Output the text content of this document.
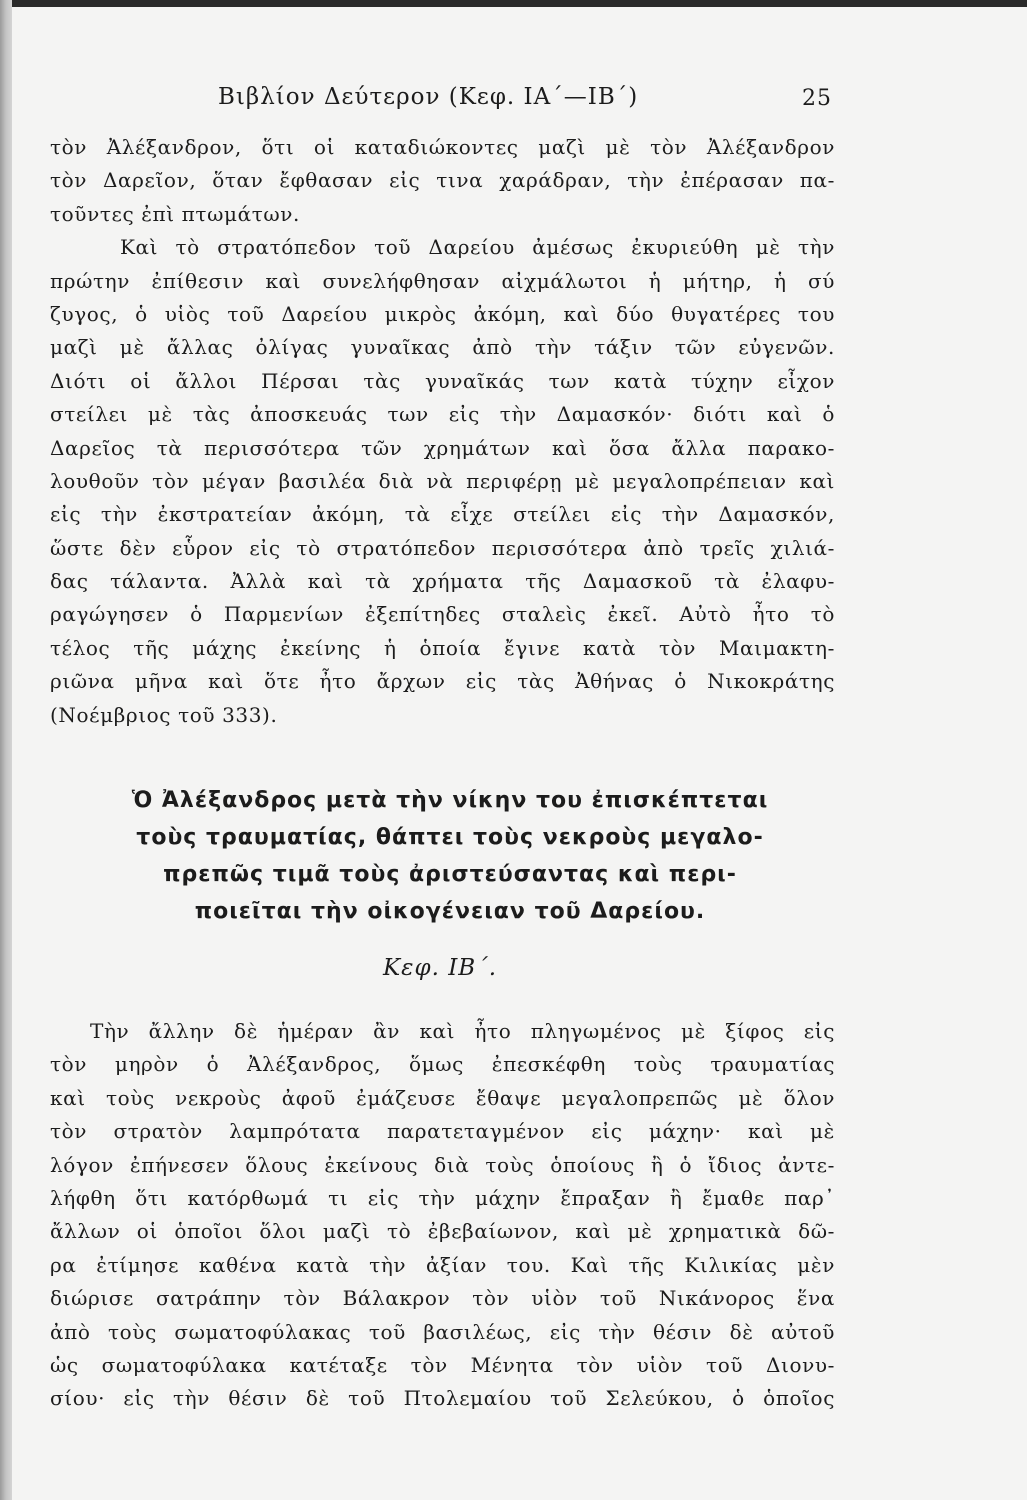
Βιβλίον Δεύτερον (Κεφ. ΙΑ΄—ΙΒ΄)	25
τὸν Ἀλέξανδρον, ὅτι οἱ καταδιώκοντες μαζὶ μὲ τὸν Ἀλέξανδρον
τὸν Δαρεῖον, ὅταν ἔφθασαν εἰς τινα χαράδραν, τὴν ἐπέρασαν πα-
τοῦντες ἐπὶ πτωμάτων.
Καὶ τὸ στρατόπεδον τοῦ Δαρείου ἀμέσως ἐκυριεύθη μὲ τὴν
πρώτην ἐπίθεσιν καὶ συνελήφθησαν αἰχμάλωτοι ἡ μήτηρ, ἡ σύ
ζυγος, ὁ υἱὸς τοῦ Δαρείου μικρὸς ἀκόμη, καὶ δύο θυγατέρες του
μαζὶ μὲ ἄλλας ὀλίγας γυναῖκας ἀπὸ τὴν τάξιν τῶν εὐγενῶν.
Διότι οἱ ἄλλοι Πέρσαι τὰς γυναῖκάς των κατὰ τύχην εἶχον
στείλει μὲ τὰς ἀποσκευάς των εἰς τὴν Δαμασκόν· διότι καὶ ὁ
Δαρεῖος τὰ περισσότερα τῶν χρημάτων καὶ ὅσα ἄλλα παρακο-
λουθοῦν τὸν μέγαν βασιλέα διὰ νὰ περιφέρῃ μὲ μεγαλοπρέπειαν καὶ
εἰς τὴν ἐκστρατείαν ἀκόμη, τὰ εἶχε στείλει εἰς τὴν Δαμασκόν,
ὥστε δὲν εὗρον εἰς τὸ στρατόπεδον περισσότερα ἀπὸ τρεῖς χιλιά-
δας τάλαντα. Ἀλλὰ καὶ τὰ χρήματα τῆς Δαμασκοῦ τὰ ἐλαφυ-
ραγώγησεν ὁ Παρμενίων ἐξεπίτηδες σταλεὶς ἐκεῖ. Αὐτὸ ἦτο τὸ
τέλος τῆς μάχης ἐκείνης ἡ ὁποία ἔγινε κατὰ τὸν Μαιμακτη-
ριῶνα μῆνα καὶ ὅτε ἦτο ἄρχων εἰς τὰς Ἀθήνας ὁ Νικοκράτης
(Νοέμβριος τοῦ 333).
Ὁ Ἀλέξανδρος μετὰ τὴν νίκην του ἐπισκέπτεται
τοὺς τραυματίας, θάπτει τοὺς νεκροὺς μεγαλο-
πρεπῶς τιμᾶ τοὺς ἀριστεύσαντας καὶ περι-
ποιεῖται τὴν οἰκογένειαν τοῦ Δαρείου.
Κεφ. ΙΒ΄.
Τὴν ἄλλην δὲ ἡμέραν ἂν καὶ ἦτο πληγωμένος μὲ ξίφος εἰς
τὸν μηρὸν ὁ Ἀλέξανδρος, ὅμως ἐπεσκέφθη τοὺς τραυματίας
καὶ τοὺς νεκροὺς ἀφοῦ ἐμάζευσε ἔθαψε μεγαλοπρεπῶς μὲ ὅλον
τὸν στρατὸν λαμπρότατα παρατεταγμένον εἰς μάχην· καὶ μὲ
λόγον ἐπήνεσεν ὅλους ἐκείνους διὰ τοὺς ὁποίους ἢ ὁ ἴδιος ἀντε-
λήφθη ὅτι κατόρθωμά τι εἰς τὴν μάχην ἔπραξαν ἢ ἔμαθε παρ᾽
ἄλλων οἱ ὁποῖοι ὅλοι μαζὶ τὸ ἐβεβαίωνον, καὶ μὲ χρηματικὰ δῶ-
ρα ἐτίμησε καθένα κατὰ τὴν ἀξίαν του. Καὶ τῆς Κιλικίας μὲν
διώρισε σατράπην τὸν Βάλακρον τὸν υἱὸν τοῦ Νικάνορος ἕνα
ἀπὸ τοὺς σωματοφύλακας τοῦ βασιλέως, εἰς τὴν θέσιν δὲ αὐτοῦ
ὡς σωματοφύλακα κατέταξε τὸν Μένητα τὸν υἱὸν τοῦ Διονυ-
σίου· εἰς τὴν θέσιν δὲ τοῦ Πτολεμαίου τοῦ Σελεύκου, ὁ ὁποῖος
